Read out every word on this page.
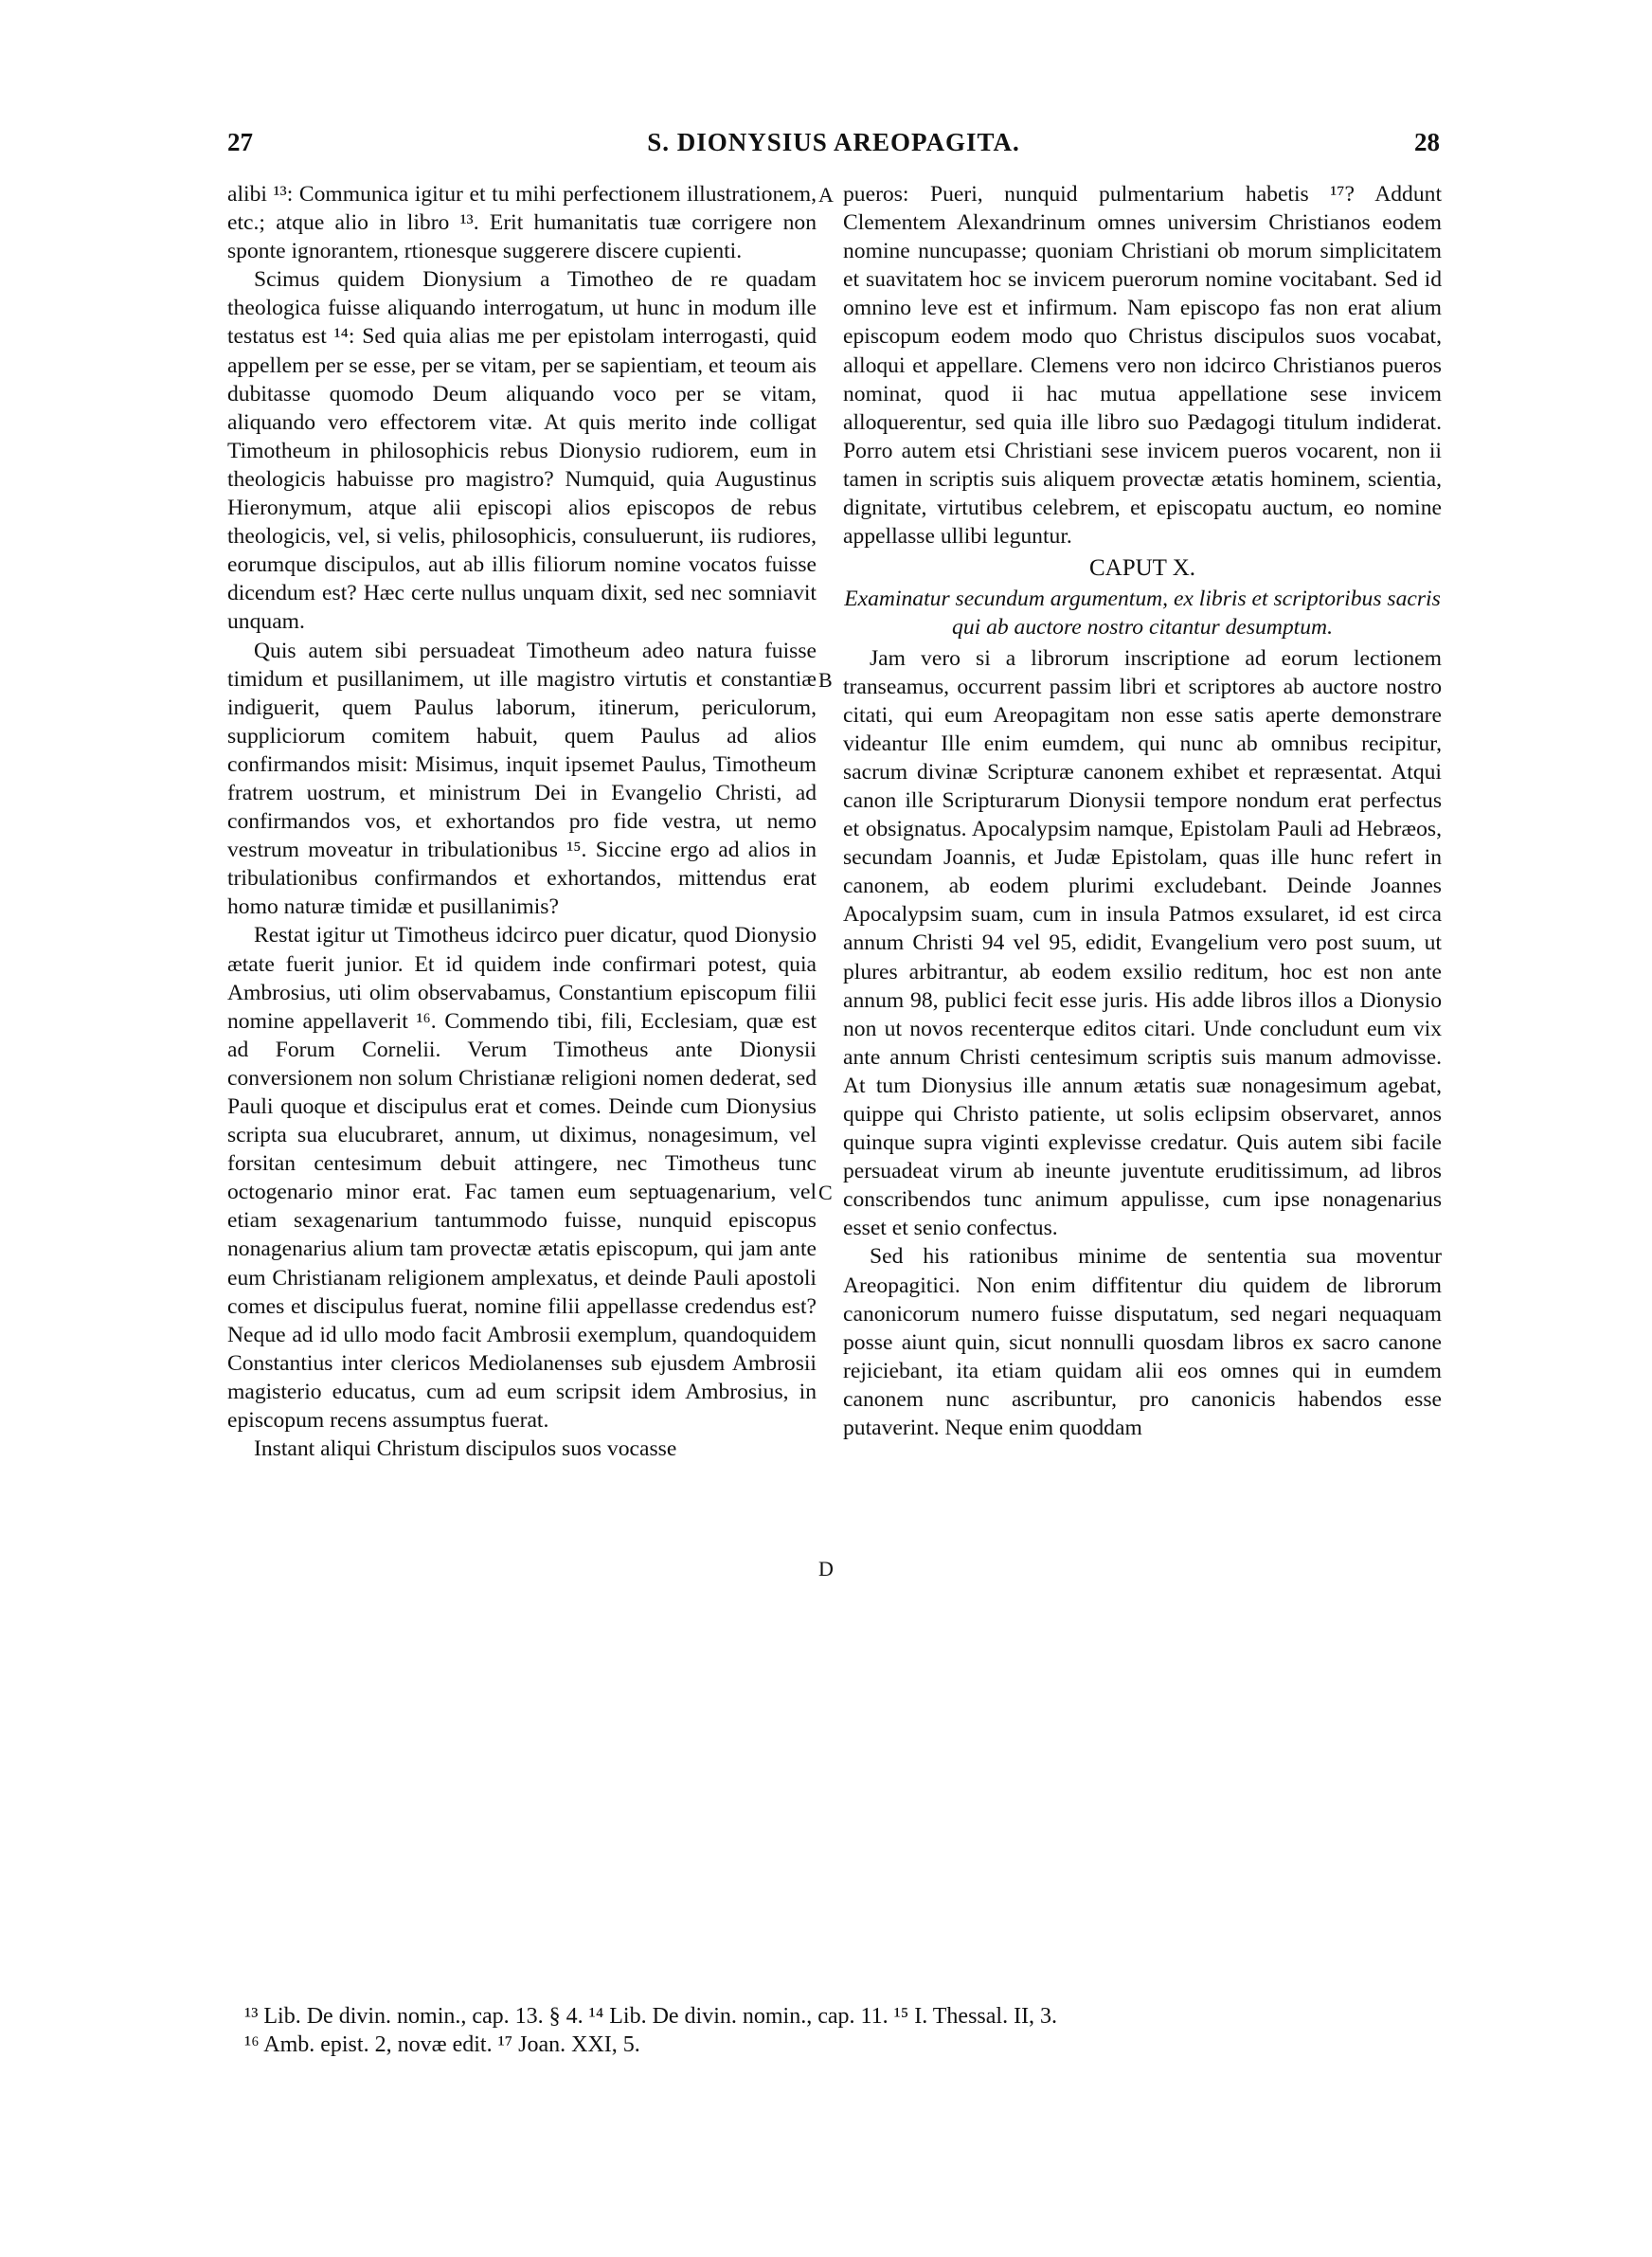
27	S. DIONYSIUS AREOPAGITA.	28
A
B
C
D

alibi ¹³: Communica igitur et tu mihi perfectionem illustrationem, etc.; atque alio in libro ¹³. Erit humanitatis tuæ corrigere non sponte ignorantem, rtionesque suggerere discere cupienti.

Scimus quidem Dionysium a Timotheo de re quadam theologica fuisse aliquando interrogatum, ut hunc in modum ille testatus est ¹⁴: Sed quia alias me per epistolam interrogasti, quid appellem per se esse, per se vitam, per se sapientiam, et teoum ais dubitasse quomodo Deum aliquando voco per se vitam, aliquando vero effectorem vitæ. At quis merito inde colligat Timotheum in philosophicis rebus Dionysio rudiorem, eum in theologicis habuisse pro magistro? Numquid, quia Augustinus Hieronymum, atque alii episcopi alios episcopos de rebus theologicis, vel, si velis, philosophicis, consuluerunt, iis rudiores, eorumque discipulos, aut ab illis filiorum nomine vocatos fuisse dicendum est? Hæc certe nullus unquam dixit, sed nec somniavit unquam.

Quis autem sibi persuadeat Timotheum adeo natura fuisse timidum et pusillanimem, ut ille magistro virtutis et constantiæ indiguerit, quem Paulus laborum, itinerum, periculorum, suppliciorum comitem habuit, quem Paulus ad alios confirmandos misit: Misimus, inquit ipsemet Paulus, Timotheum fratrem uostrum, et ministrum Dei in Evangelio Christi, ad confirmandos vos, et exhortandos pro fide vestra, ut nemo vestrum moveatur in tribulationibus ¹⁵. Siccine ergo ad alios in tribulationibus confirmandos et exhortandos, mittendus erat homo naturæ timidæ et pusillanimis?

Restat igitur ut Timotheus idcirco puer dicatur, quod Dionysio ætate fuerit junior. Et id quidem inde confirmari potest, quia Ambrosius, uti olim observabamus, Constantium episcopum filii nomine appellaverit ¹⁶. Commendo tibi, fili, Ecclesiam, quæ est ad Forum Cornelii. Verum Timotheus ante Dionysii conversionem non solum Christianæ religioni nomen dederat, sed Pauli quoque et discipulus erat et comes. Deinde cum Dionysius scripta sua elucubraret, annum, ut diximus, nonagesimum, vel forsitan centesimum debuit attingere, nec Timotheus tunc octogenario minor erat. Fac tamen eum septuagenarium, vel etiam sexagenarium tantummodo fuisse, nunquid episcopus nonagenarius alium tam provectæ ætatis episcopum, qui jam ante eum Christianam religionem amplexatus, et deinde Pauli apostoli comes et discipulus fuerat, nomine filii appellasse credendus est? Neque ad id ullo modo facit Ambrosii exemplum, quandoquidem Constantius inter clericos Mediolanenses sub ejusdem Ambrosii magisterio educatus, cum ad eum scripsit idem Ambrosius, in episcopum recens assumptus fuerat.

Instant aliqui Christum discipulos suos vocasse

pueros: Pueri, nunquid pulmentarium habetis ¹⁷? Addunt Clementem Alexandrinum omnes universim Christianos eodem nomine nuncupasse; quoniam Christiani ob morum simplicitatem et suavitatem hoc se invicem puerorum nomine vocitabant. Sed id omnino leve est et infirmum. Nam episcopo fas non erat alium episcopum eodem modo quo Christus discipulos suos vocabat, alloqui et appellare. Clemens vero non idcirco Christianos pueros nominat, quod ii hac mutua appellatione sese invicem alloquerentur, sed quia ille libro suo Pædagogi titulum indiderat. Porro autem etsi Christiani sese invicem pueros vocarent, non ii tamen in scriptis suis aliquem provectæ ætatis hominem, scientia, dignitate, virtutibus celebrem, et episcopatu auctum, eo nomine appellasse ullibi leguntur.

CAPUT X.

Examinatur secundum argumentum, ex libris et scriptoribus sacris qui ab auctore nostro citantur desumptum.

Jam vero si a librorum inscriptione ad eorum lectionem transeamus, occurrent passim libri et scriptores ab auctore nostro citati, qui eum Areopagitam non esse satis aperte demonstrare videantur Ille enim eumdem, qui nunc ab omnibus recipitur, sacrum divinæ Scripturæ canonem exhibet et repræsentat. Atqui canon ille Scripturarum Dionysii tempore nondum erat perfectus et obsignatus. Apocalypsim namque, Epistolam Pauli ad Hebræos, secundam Joannis, et Judæ Epistolam, quas ille hunc refert in canonem, ab eodem plurimi excludebant. Deinde Joannes Apocalypsim suam, cum in insula Patmos exsularet, id est circa annum Christi 94 vel 95, edidit, Evangelium vero post suum, ut plures arbitrantur, ab eodem exsilio reditum, hoc est non ante annum 98, publici fecit esse juris. His adde libros illos a Dionysio non ut novos recenterque editos citari. Unde concludunt eum vix ante annum Christi centesimum scriptis suis manum admovisse. At tum Dionysius ille annum ætatis suæ nonagesimum agebat, quippe qui Christo patiente, ut solis eclipsim observaret, annos quinque supra viginti explevisse credatur. Quis autem sibi facile persuadeat virum ab ineunte juventute eruditissimum, ad libros conscribendos tunc animum appulisse, cum ipse nonagenarius esset et senio confectus.

Sed his rationibus minime de sententia sua moventur Areopagitici. Non enim diffitentur diu quidem de librorum canonicorum numero fuisse disputatum, sed negari nequaquam posse aiunt quin, sicut nonnulli quosdam libros ex sacro canone rejiciebant, ita etiam quidam alii eos omnes qui in eumdem canonem nunc ascribuntur, pro canonicis habendos esse putaverint. Neque enim quoddam

¹³ Lib. De divin. nomin., cap. 13. § 4. ¹⁴ Lib. De divin. nomin., cap. 11. ¹⁵ I. Thessal. II, 3.

¹⁶ Amb. epist. 2, novæ edit. ¹⁷ Joan. XXI, 5.
